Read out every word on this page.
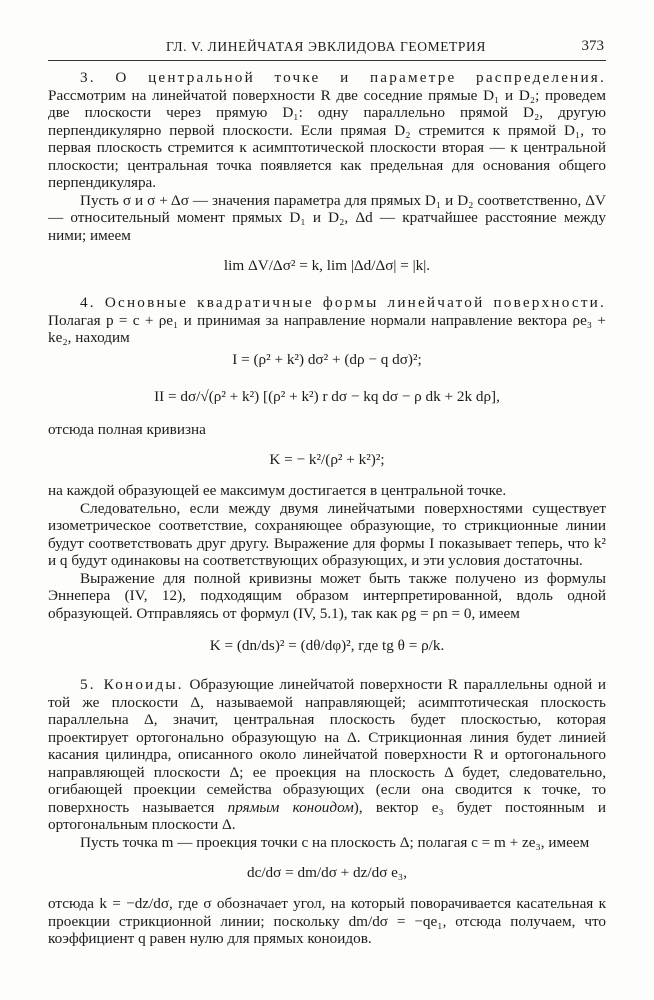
ГЛ. V. ЛИНЕЙЧАТАЯ ЭВКЛИДОВА ГЕОМЕТРИЯ	373

3. О центральной точке и параметре распределения. Рассмотрим на линейчатой поверхности R две соседние прямые D₁ и D₂; проведем две плоскости через прямую D₁: одну параллельно прямой D₂, другую перпендикулярно первой плоскости. Если прямая D₂ стремится к прямой D₁, то первая плоскость стремится к асимптотической плоскости вторая — к центральной плоскости; центральная точка появляется как предельная для основания общего перпендикуляра.

Пусть σ и σ + Δσ — значения параметра для прямых D₁ и D₂ соответственно, ΔV — относительный момент прямых D₁ и D₂, Δd — кратчайшее расстояние между ними; имеем

lim ΔV/Δσ² = k, lim |Δd/Δσ| = |k|.

4. Основные квадратичные формы линейчатой поверхности. Полагая p = c + ρe₁ и принимая за направление нормали направление вектора ρe₃ + ke₂, находим

I = (ρ² + k²) dσ² + (dρ − q dσ)²;

II = dσ/√(ρ² + k²) [(ρ² + k²) r dσ − kq dσ − ρ dk + 2k dρ],

отсюда полная кривизна

K = − k²/(ρ² + k²)²;

на каждой образующей ее максимум достигается в центральной точке.

Следовательно, если между двумя линейчатыми поверхностями существует изометрическое соответствие, сохраняющее образующие, то стрикционные линии будут соответствовать друг другу. Выражение для формы I показывает теперь, что k² и q будут одинаковы на соответствующих образующих, и эти условия достаточны.

Выражение для полной кривизны может быть также получено из формулы Эннепера (IV, 12), подходящим образом интерпретированной, вдоль одной образующей. Отправляясь от формул (IV, 5.1), так как ρg = ρn = 0, имеем

K = (dn/ds)² = (dθ/dφ)², где tg θ = ρ/k.

5. Коноиды. Образующие линейчатой поверхности R параллельны одной и той же плоскости Δ, называемой направляющей; асимптотическая плоскость параллельна Δ, значит, центральная плоскость будет плоскостью, которая проектирует ортогонально образующую на Δ. Стрикционная линия будет линией касания цилиндра, описанного около линейчатой поверхности R и ортогонального направляющей плоскости Δ; ее проекция на плоскость Δ будет, следовательно, огибающей проекции семейства образующих (если она сводится к точке, то поверхность называется прямым коноидом), вектор e₃ будет постоянным и ортогональным плоскости Δ.

Пусть точка m — проекция точки c на плоскость Δ; полагая c = m + ze₃, имеем

dc/dσ = dm/dσ + dz/dσ e₃,

отсюда k = −dz/dσ, где σ обозначает угол, на который поворачивается касательная к проекции стрикционной линии; поскольку dm/dσ = −qe₁, отсюда получаем, что коэффициент q равен нулю для прямых коноидов.
